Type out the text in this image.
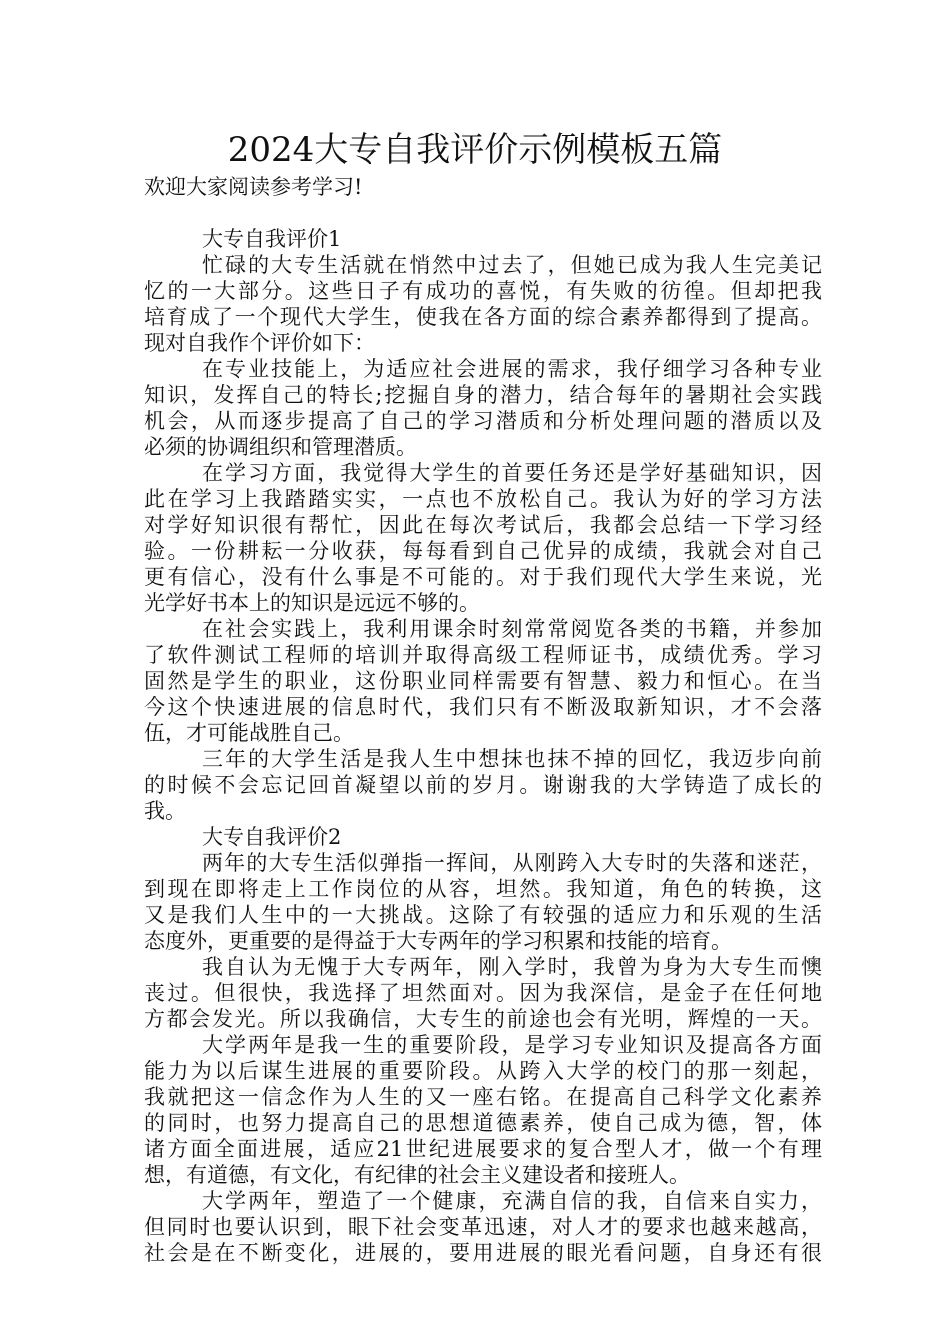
2024大专自我评价示例模板五篇
欢迎大家阅读参考学习!
大专自我评价1
忙碌的大专生活就在悄然中过去了，但她已成为我人生完美记
忆的一大部分。这些日子有成功的喜悦，有失败的彷徨。但却把我
培育成了一个现代大学生，使我在各方面的综合素养都得到了提高。
现对自我作个评价如下：
在专业技能上，为适应社会进展的需求，我仔细学习各种专业
知识，发挥自己的特长;挖掘自身的潜力，结合每年的暑期社会实践
机会，从而逐步提高了自己的学习潜质和分析处理问题的潜质以及
必须的协调组织和管理潜质。
在学习方面，我觉得大学生的首要任务还是学好基础知识，因
此在学习上我踏踏实实，一点也不放松自己。我认为好的学习方法
对学好知识很有帮忙，因此在每次考试后，我都会总结一下学习经
验。一份耕耘一分收获，每每看到自己优异的成绩，我就会对自己
更有信心，没有什么事是不可能的。对于我们现代大学生来说，光
光学好书本上的知识是远远不够的。
在社会实践上，我利用课余时刻常常阅览各类的书籍，并参加
了软件测试工程师的培训并取得高级工程师证书，成绩优秀。学习
固然是学生的职业，这份职业同样需要有智慧、毅力和恒心。在当
今这个快速进展的信息时代，我们只有不断汲取新知识，才不会落
伍，才可能战胜自己。
三年的大学生活是我人生中想抹也抹不掉的回忆，我迈步向前
的时候不会忘记回首凝望以前的岁月。谢谢我的大学铸造了成长的
我。
大专自我评价2
两年的大专生活似弹指一挥间，从刚跨入大专时的失落和迷茫，
到现在即将走上工作岗位的从容，坦然。我知道，角色的转换，这
又是我们人生中的一大挑战。这除了有较强的适应力和乐观的生活
态度外，更重要的是得益于大专两年的学习积累和技能的培育。
我自认为无愧于大专两年，刚入学时，我曾为身为大专生而懊
丧过。但很快，我选择了坦然面对。因为我深信，是金子在任何地
方都会发光。所以我确信，大专生的前途也会有光明，辉煌的一天。
大学两年是我一生的重要阶段，是学习专业知识及提高各方面
能力为以后谋生进展的重要阶段。从跨入大学的校门的那一刻起，
我就把这一信念作为人生的又一座右铭。在提高自己科学文化素养
的同时，也努力提高自己的思想道德素养，使自己成为德，智，体
诸方面全面进展，适应21世纪进展要求的复合型人才，做一个有理
想，有道德，有文化，有纪律的社会主义建设者和接班人。
大学两年，塑造了一个健康，充满自信的我，自信来自实力，
但同时也要认识到，眼下社会变革迅速，对人才的要求也越来越高，
社会是在不断变化，进展的，要用进展的眼光看问题，自身还有很
